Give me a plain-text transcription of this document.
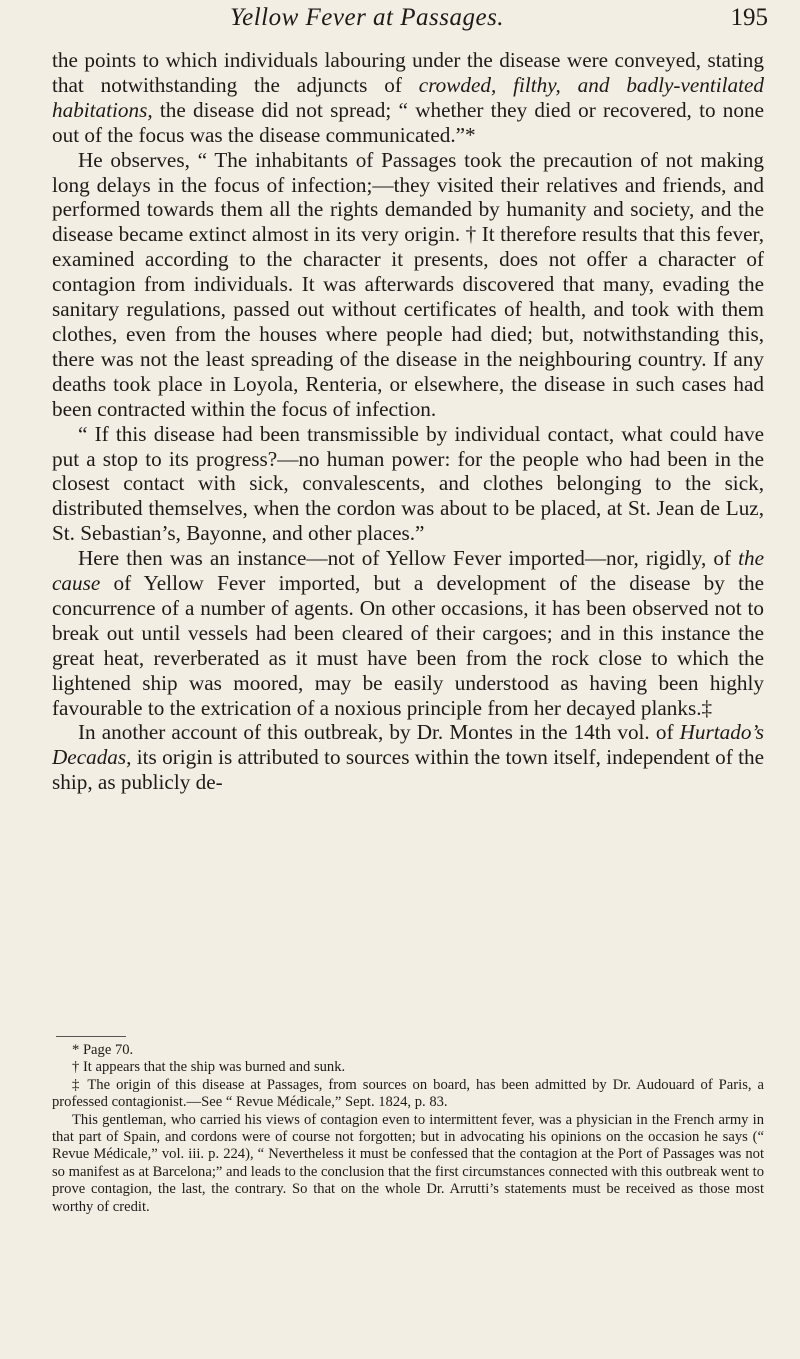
Yellow Fever at Passages.	195

the points to which individuals labouring under the disease were conveyed, stating that notwithstanding the adjuncts of crowded, filthy, and badly-ventilated habitations, the disease did not spread; “ whether they died or recovered, to none out of the focus was the disease communicated.”*

He observes, “ The inhabitants of Passages took the precaution of not making long delays in the focus of infection;—they visited their relatives and friends, and performed towards them all the rights demanded by humanity and society, and the disease became extinct almost in its very origin. † It therefore results that this fever, examined according to the character it presents, does not offer a character of contagion from individuals. It was afterwards discovered that many, evading the sanitary regulations, passed out without certificates of health, and took with them clothes, even from the houses where people had died; but, notwithstanding this, there was not the least spreading of the disease in the neighbouring country. If any deaths took place in Loyola, Renteria, or elsewhere, the disease in such cases had been contracted within the focus of infection.

“ If this disease had been transmissible by individual contact, what could have put a stop to its progress?—no human power: for the people who had been in the closest contact with sick, convalescents, and clothes belonging to the sick, distributed themselves, when the cordon was about to be placed, at St. Jean de Luz, St. Sebastian’s, Bayonne, and other places.”

Here then was an instance—not of Yellow Fever imported—nor, rigidly, of the cause of Yellow Fever imported, but a development of the disease by the concurrence of a number of agents. On other occasions, it has been observed not to break out until vessels had been cleared of their cargoes; and in this instance the great heat, reverberated as it must have been from the rock close to which the lightened ship was moored, may be easily understood as having been highly favourable to the extrication of a noxious principle from her decayed planks.‡

In another account of this outbreak, by Dr. Montes in the 14th vol. of Hurtado’s Decadas, its origin is attributed to sources within the town itself, independent of the ship, as publicly de-

* Page 70.

† It appears that the ship was burned and sunk.

‡ The origin of this disease at Passages, from sources on board, has been admitted by Dr. Audouard of Paris, a professed contagionist.—See “ Revue Médicale,” Sept. 1824, p. 83.

This gentleman, who carried his views of contagion even to intermittent fever, was a physician in the French army in that part of Spain, and cordons were of course not forgotten; but in advocating his opinions on the occasion he says (“ Revue Médicale,” vol. iii. p. 224), “ Nevertheless it must be confessed that the contagion at the Port of Passages was not so manifest as at Barcelona;” and leads to the conclusion that the first circumstances connected with this outbreak went to prove contagion, the last, the contrary. So that on the whole Dr. Arrutti’s statements must be received as those most worthy of credit.
